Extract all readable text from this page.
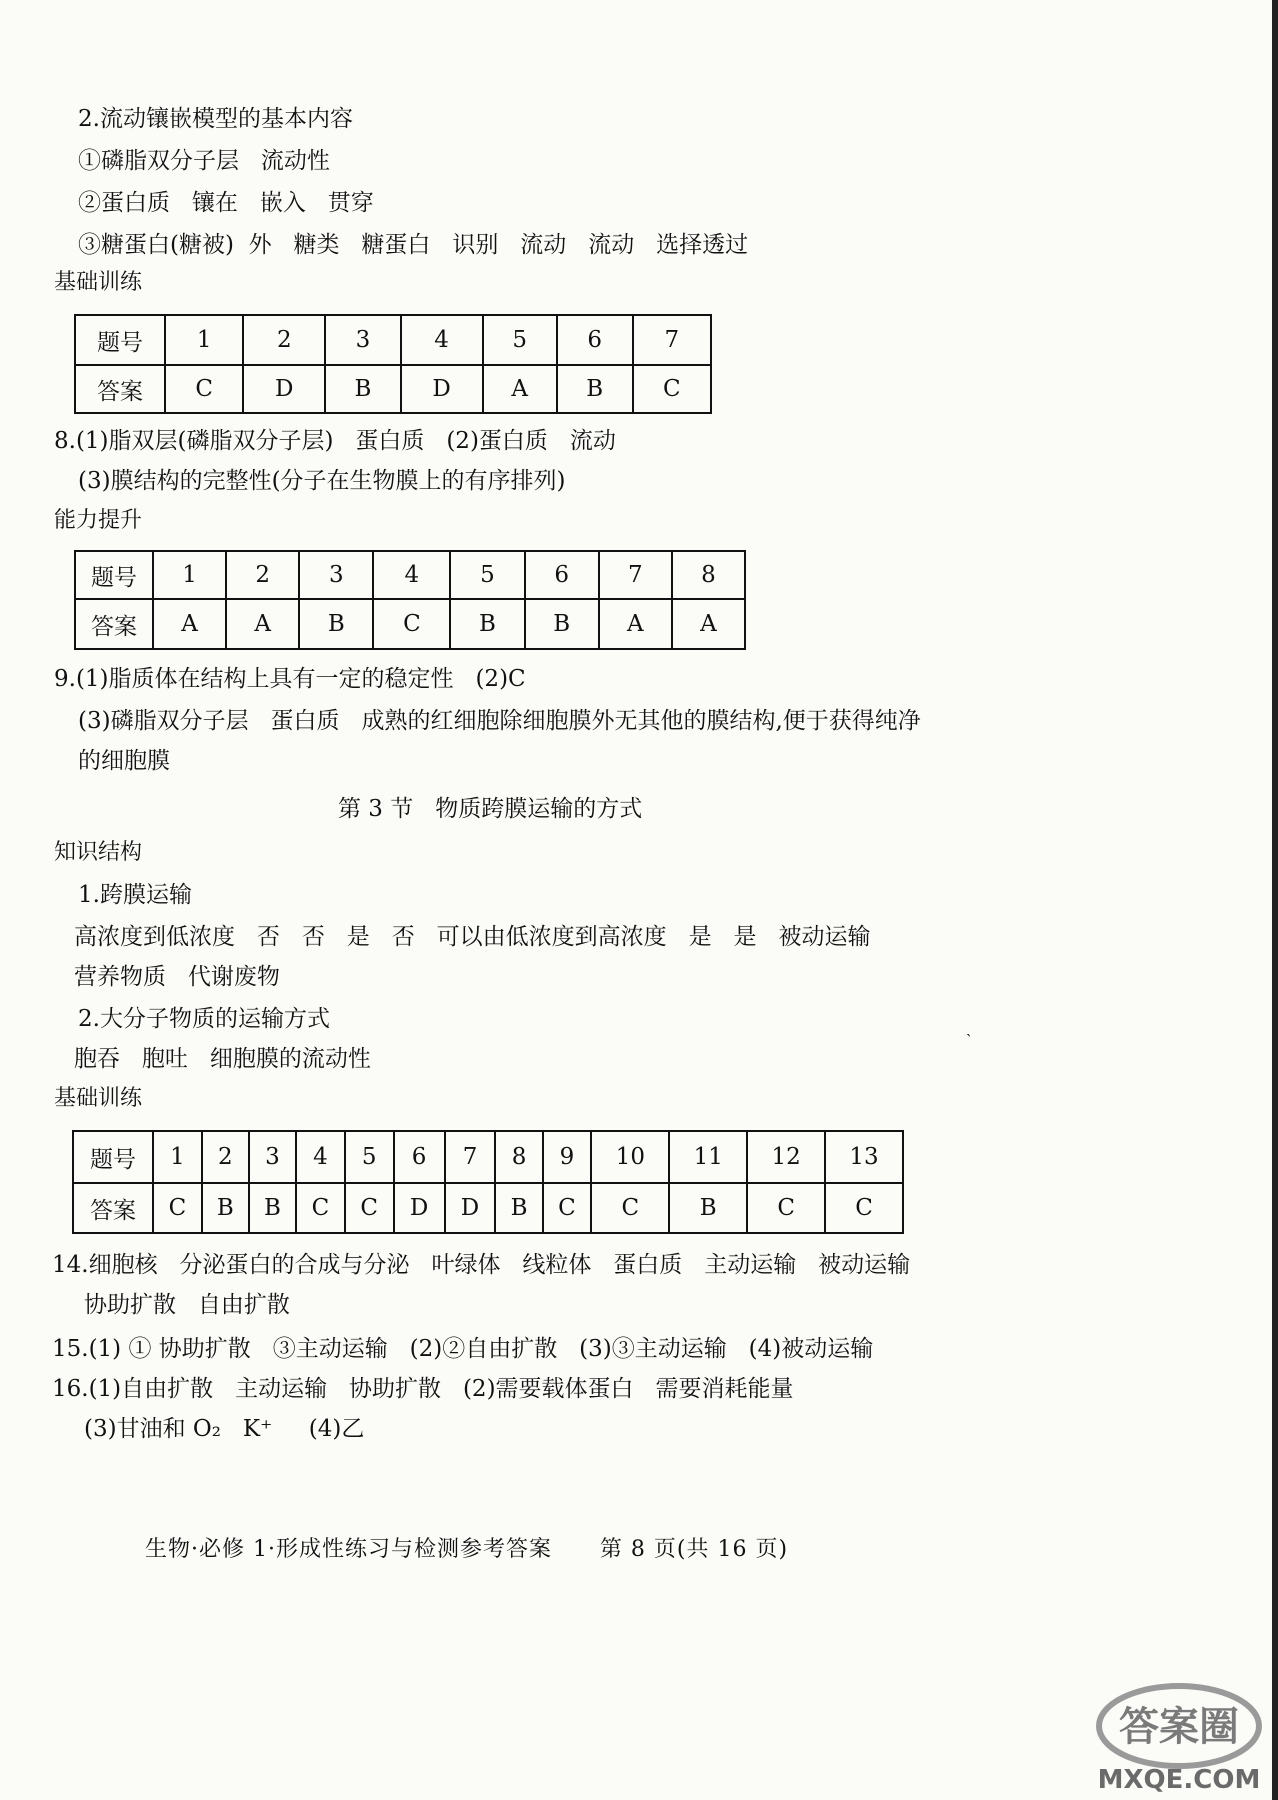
2.流动镶嵌模型的基本内容
①磷脂双分子层   流动性
②蛋白质   镶在   嵌入   贯穿
③糖蛋白(糖被)  外   糖类   糖蛋白   识别   流动   流动   选择透过
基础训练
题号	1	2	3	4	5	6	7
答案	C	D	B	D	A	B	C
8.(1)脂双层(磷脂双分子层)   蛋白质   (2)蛋白质   流动
(3)膜结构的完整性(分子在生物膜上的有序排列)
能力提升
题号	1	2	3	4	5	6	7	8
答案	A	A	B	C	B	B	A	A
9.(1)脂质体在结构上具有一定的稳定性   (2)C
(3)磷脂双分子层   蛋白质   成熟的红细胞除细胞膜外无其他的膜结构,便于获得纯净
的细胞膜
第 3 节   物质跨膜运输的方式
知识结构
1.跨膜运输
高浓度到低浓度   否   否   是   否   可以由低浓度到高浓度   是   是   被动运输
营养物质   代谢废物
2.大分子物质的运输方式
胞吞   胞吐   细胞膜的流动性
ˏ
基础训练
题号	1	2	3	4	5	6	7	8	9	10	11	12	13
答案	C	B	B	C	C	D	D	B	C	C	B	C	C
14.细胞核   分泌蛋白的合成与分泌   叶绿体   线粒体   蛋白质   主动运输   被动运输
协助扩散   自由扩散
15.(1) ① 协助扩散   ③主动运输   (2)②自由扩散   (3)③主动运输   (4)被动运输
16.(1)自由扩散   主动运输   协助扩散   (2)需要载体蛋白   需要消耗能量
(3)甘油和 O₂   K⁺     (4)乙
生物·必修 1·形成性练习与检测参考答案      第 8 页(共 16 页)
答案圈
MXQE.COM
